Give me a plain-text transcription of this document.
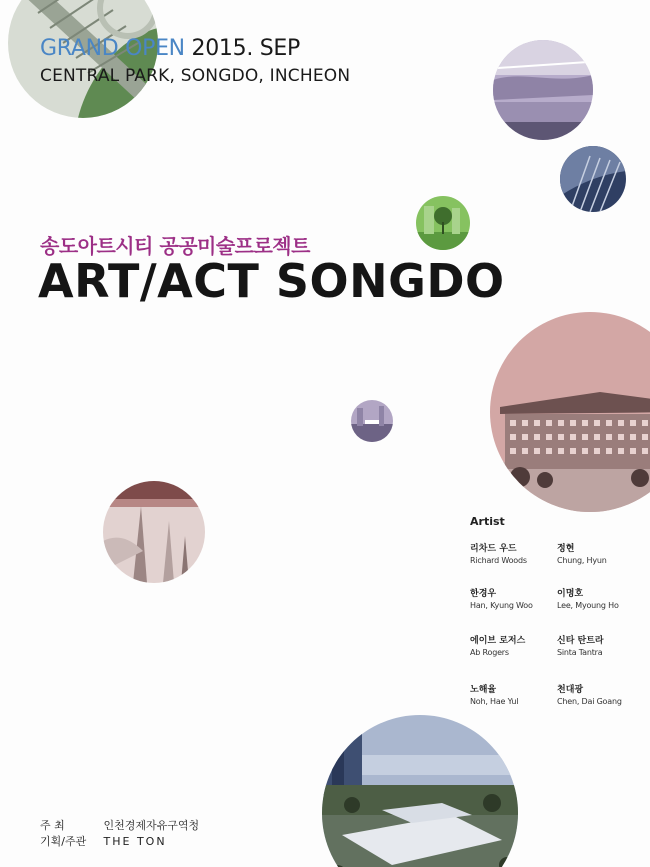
GRAND OPEN 2015. SEP
CENTRAL PARK, SONGDO, INCHEON
송도아트시티 공공미술프로젝트
ART/ACT SONGDO
Artist
리차드 우드
Richard Woods
정현
Chung, Hyun
한경우
Han, Kyung Woo
이명호
Lee, Myoung Ho
에이브 로저스
Ab Rogers
신타 탄트라
Sinta Tantra
노해율
Noh, Hae Yul
천대광
Chen, Dai Goang
주 최	인천경제자유구역청
기획/주관 THE TON
